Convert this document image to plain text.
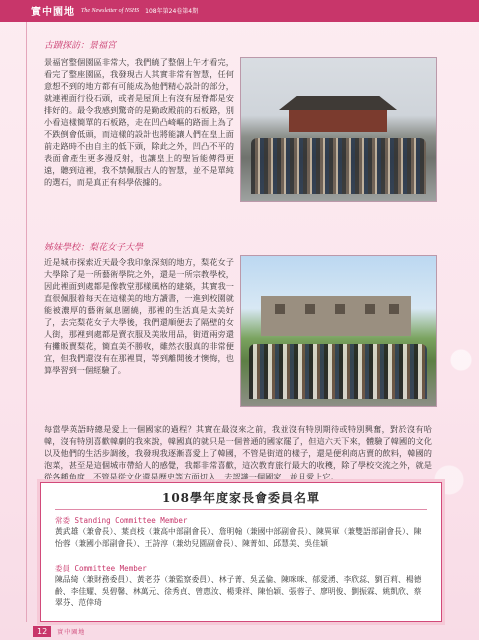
實中園地 The Newsletter of NSHS 108年第24卷第4期
古蹟探訪：景福宮
景福宮整個園區非常大，我們繞了整個上午才看完，看完了整座園區，我發現古人其實非常有智慧，任何意想不到的地方都有可能成為他們精心設計的部分，就連裡面行役石頭，或者是屋頂上有沒有屋脊都是安排好的。最令我感到驚奇的是勤政殿前的石板路，別小看這樣簡單的石板路，走在凹凸崎嶇的路面上為了不跌倒會低頭，而這樣的設計也將能讓人們在皇上面前走路時不由自主的低下頭，除此之外，凹凸不平的表面會產生更多漫反射，也讓皇上的聖旨能傳得更遠，聽到這裡，我不禁佩服古人的智慧，並不是單純的選石，而是真正有科學依據的。
姊妹學校：梨花女子大學
近是城市探索近天最令我印象深刻的地方，梨花女子大學除了是一所藝術學院之外，還是一所宗教學校，因此裡面到處都是像教堂那樣風格的建築，其實我一直很佩服着每天在這樣美的地方讀書，一進到校園就能被濃厚的藝術氣息圍繞，那裡的生活真是太美好了，去完梨花女子大學後，我們還順便去了隔壁的女人街，那裡到處都是賣衣服及美妝用品，街道兩旁還有攤販賣梨花，簡直美不勝收，雖然衣服真的非常便宜，但我們還沒有在那裡買，等到離開後才懊悔，也算學習到一個經驗了。
每當學英語時總是愛上一個國家的過程？其實在最沒來之前，我並沒有特別期待或特別興奮，對於沒有哈韓，沒有特別喜歡韓劇的我來說，韓國真的就只是一個普通的國家罷了，但這六天下來，體驗了韓國的文化以及他們的生活步調後，我發現我逐漸喜愛上了韓國，不管是街道的樣子，還是便利商店賣的飲料，韓國的泡菜，甚至是這個城市帶給人的感覺，我都非常喜歡，這次教育旅行最大的收穫，除了學校交流之外，就是從各種角度，不管是從文化還是歷史等方面切入，去認識一個國家，並且愛上它。
108學年度家長會委員名單
常委 Standing Committee Member
黃武雄（兼會長）、葉貞枝（兼高中部副會長）、詹明翰（兼國中部副會長）、陳異軍（兼雙語部副會長）、陳怡蓉（兼國小部副會長）、王詩淳（兼幼兒園副會長）、陳菁如、邱慧美、吳佳穎
委員 Committee Member
陳品綺（兼財務委員）、黃老芬（兼監察委員）、林子菁、吳孟倫、陳咪咪、郁愛湧、李欣蕊、劉百莉、楊德齡、李佳耀、吳碧馨、林萬元、徐秀貞、曾惠汝、楊秉祥、陳怡穎、張蓉子、廖明俊、劉振霖、姚凱欣、蔡翠芬、范倖琦
12	實中園地
